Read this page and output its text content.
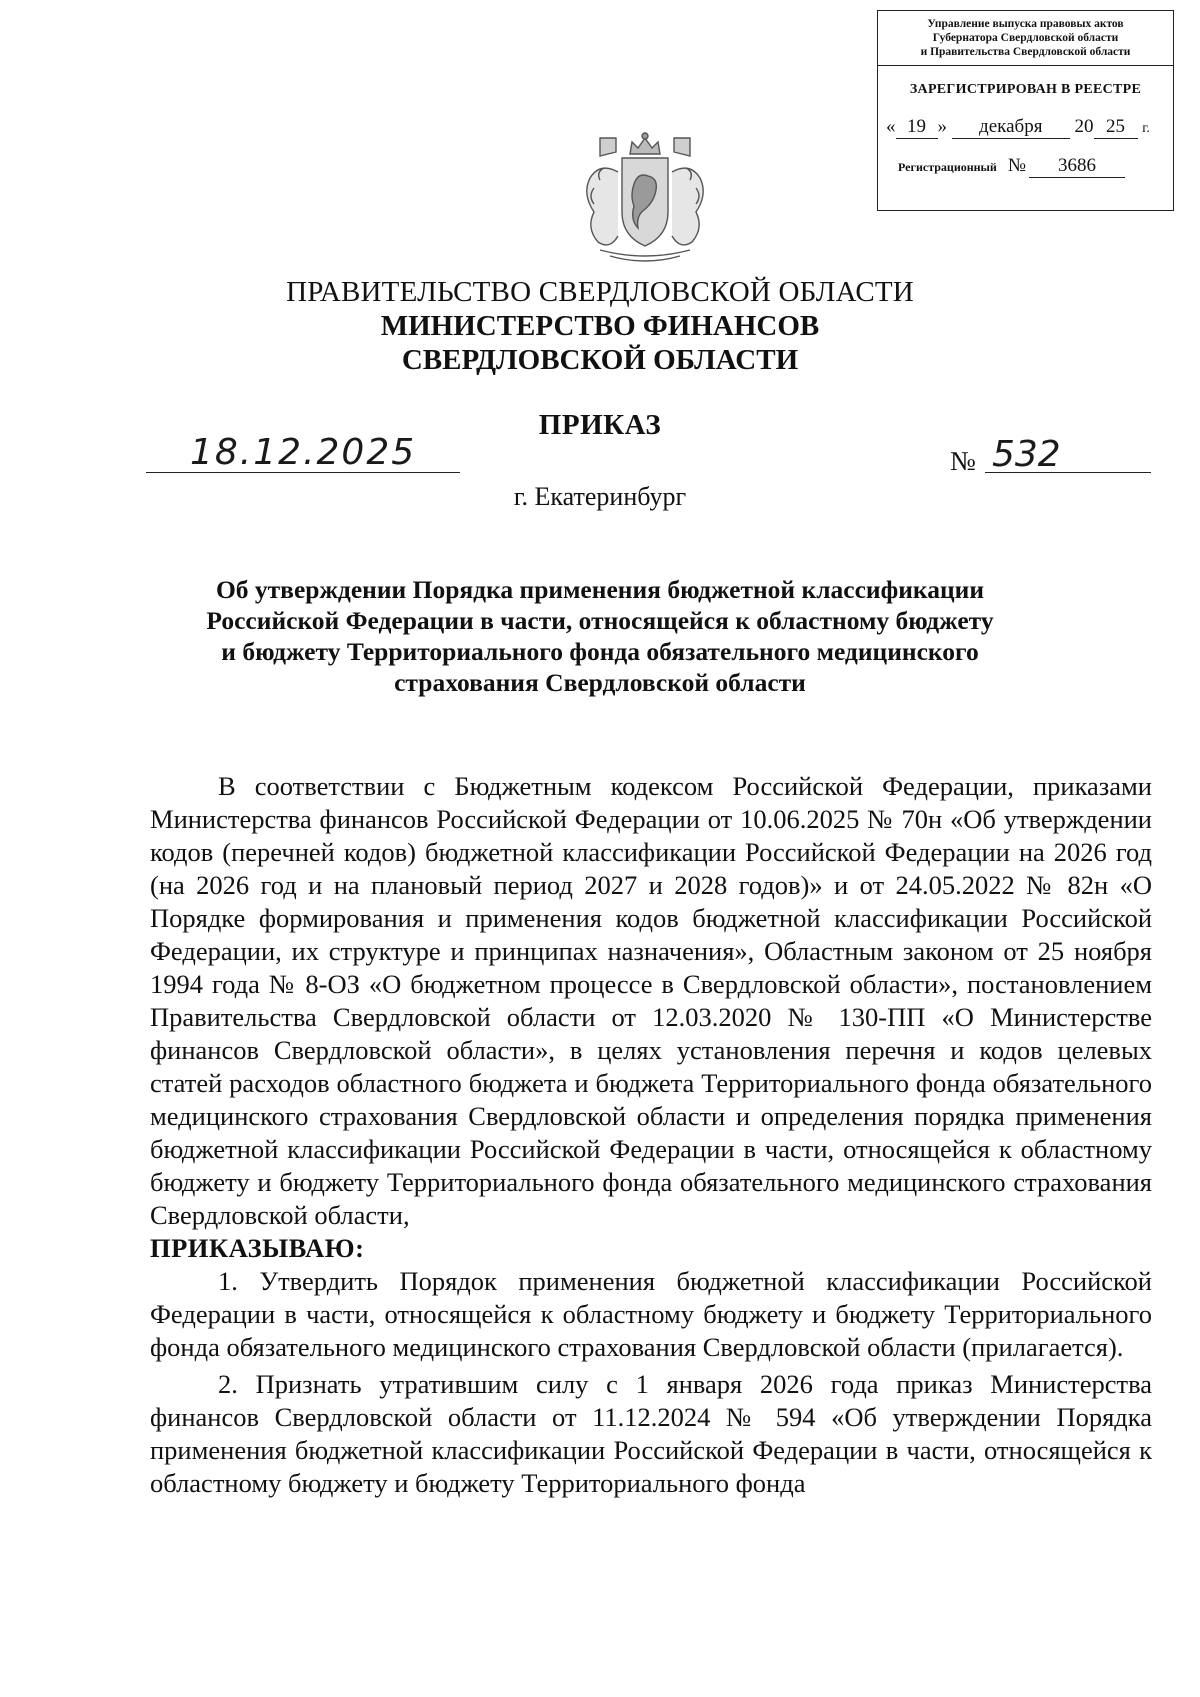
Управление выпуска правовых актов
Губернатора Свердловской области
и Правительства Свердловской области
ЗАРЕГИСТРИРОВАН В РЕЕСТРЕ
« 19 » декабря 20 25 г.
Регистрационный № 3686
ПРАВИТЕЛЬСТВО СВЕРДЛОВСКОЙ ОБЛАСТИ
МИНИСТЕРСТВО ФИНАНСОВ
СВЕРДЛОВСКОЙ ОБЛАСТИ
ПРИКАЗ
18.12.2025	№ 532
г. Екатеринбург
Об утверждении Порядка применения бюджетной классификации
Российской Федерации в части, относящейся к областному бюджету
и бюджету Территориального фонда обязательного медицинского
страхования Свердловской области

В соответствии с Бюджетным кодексом Российской Федерации, приказами Министерства финансов Российской Федерации от 10.06.2025 № 70н «Об утверждении кодов (перечней кодов) бюджетной классификации Российской Федерации на 2026 год (на 2026 год и на плановый период 2027 и 2028 годов)» и от 24.05.2022 № 82н «О Порядке формирования и применения кодов бюджетной классификации Российской Федерации, их структуре и принципах назначения», Областным законом от 25 ноября 1994 года № 8-ОЗ «О бюджетном процессе в Свердловской области», постановлением Правительства Свердловской области от 12.03.2020 № 130-ПП «О Министерстве финансов Свердловской области», в целях установления перечня и кодов целевых статей расходов областного бюджета и бюджета Территориального фонда обязательного медицинского страхования Свердловской области и определения порядка применения бюджетной классификации Российской Федерации в части, относящейся к областному бюджету и бюджету Территориального фонда обязательного медицинского страхования Свердловской области,

ПРИКАЗЫВАЮ:

1. Утвердить Порядок применения бюджетной классификации Российской Федерации в части, относящейся к областному бюджету и бюджету Территориального фонда обязательного медицинского страхования Свердловской области (прилагается).

2. Признать утратившим силу с 1 января 2026 года приказ Министерства финансов Свердловской области от 11.12.2024 № 594 «Об утверждении Порядка применения бюджетной классификации Российской Федерации в части, относящейся к областному бюджету и бюджету Территориального фонда
